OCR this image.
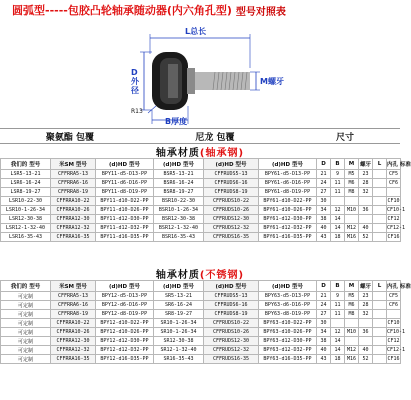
圆弧型 ----- 包胶凸轮轴承随动器(内六角孔型) 型号对照表
L总长
D外径
M螺牙
B厚度
R13
聚氨酯 包覆	尼龙 包覆	尺寸
轴承材质(轴承钢)
我们的 型号	米SM 型号	(d)HD 型号	(d)HD 型号	(d)HD 型号	(d)HD 型号	D	B	M	螺牙	L	内孔 标准
LSR5-13-21	CFFRRA5-13	BPY11-d5-D13-PP	BSR5-13-21	CFFRUDS5-13	BPY61-d5-D13-PP	21	9	M5	23		CF5
LSR6-16-24	CFFRRA6-16	BPY11-d6-D16-PP	BSR6-16-24	CFFRUDS6-16	BPY61-d6-D16-PP	24	11	M6	28		CF6
LSR8-19-27	CFFRRA8-19	BPY11-d8-D19-PP	BSR8-19-27	CFFRUDS8-19	BPY61-d8-D19-PP	27	11	M8	32		
LSR10-22-30	CFFRRA10-22	BPY11-d10-D22-PP	BSR10-22-30	CFFRUDS10-22	BPY61-d10-D22-PP	30					CF10
LSR10-1-26-34	CFFRRA10-26	BPY11-d10-D26-PP	BSR10-1-26-34	CFFRUDS10-26	BPY61-d10-D26-PP	34	12	M10	36		CF10-1
LSR12-30-38	CFFRRA12-30	BPY11-d12-D30-PP	BSR12-30-38	CFFRUDS12-30	BPY61-d12-D30-PP	38	14				CF12
LSR12-1-32-40	CFFRRA12-32	BPY11-d12-D32-PP	BSR12-1-32-40	CFFRUDS12-32	BPY61-d12-D32-PP	40	14	M12	40		CF12-1
LSR16-35-43	CFFRRA16-35	BPY11-d16-D35-PP	BSR16-35-43	CFFRUDS16-35	BPY61-d16-D35-PP	43	18	M16	52		CF16
轴承材质(不锈钢)
我们的 型号	米SM 型号	(d)HD 型号	(d)HD 型号	(d)HD 型号	(d)HD 型号	D	B	M	螺牙	L	内孔 标准
可定制	CFFRRA5-13	BPY12-d5-D13-PP	SR5-13-21	CFFRUDS5-13	BPY63-d5-D13-PP	21	9	M5	23		CF5
可定制	CFFRRA6-16	BPY12-d6-D16-PP	SR6-16-24	CFFRUDS6-16	BPY63-d6-D16-PP	24	11	M6	28		CF6
可定制	CFFRRA8-19	BPY12-d8-D19-PP	SR8-19-27	CFFRUDS8-19	BPY63-d8-D19-PP	27	11	M8	32		
可定制	CFFRRA10-22	BPY12-d10-D22-PP	SR10-1-26-34	CFFRUDS10-22	BPY63-d10-D22-PP	30					CF10
可定制	CFFRRA10-26	BPY12-d10-D26-PP	SR10-1-26-34	CFFRUDS10-26	BPY63-d10-D26-PP	34	12	M10	36		CF10-1
可定制	CFFRRA12-30	BPY12-d12-D30-PP	SR12-30-38	CFFRUDS12-30	BPY63-d12-D30-PP	38	14				CF12
可定制	CFFRRA12-32	BPY12-d12-D32-PP	SR12-1-32-40	CFFRUDS12-32	BPY63-d12-D32-PP	40	14	M12	40		CF12-1
可定制	CFFRRA16-35	BPY12-d16-D35-PP	SR16-35-43	CFFRUDS16-35	BPY63-d16-D35-PP	43	18	M16	52		CF16
